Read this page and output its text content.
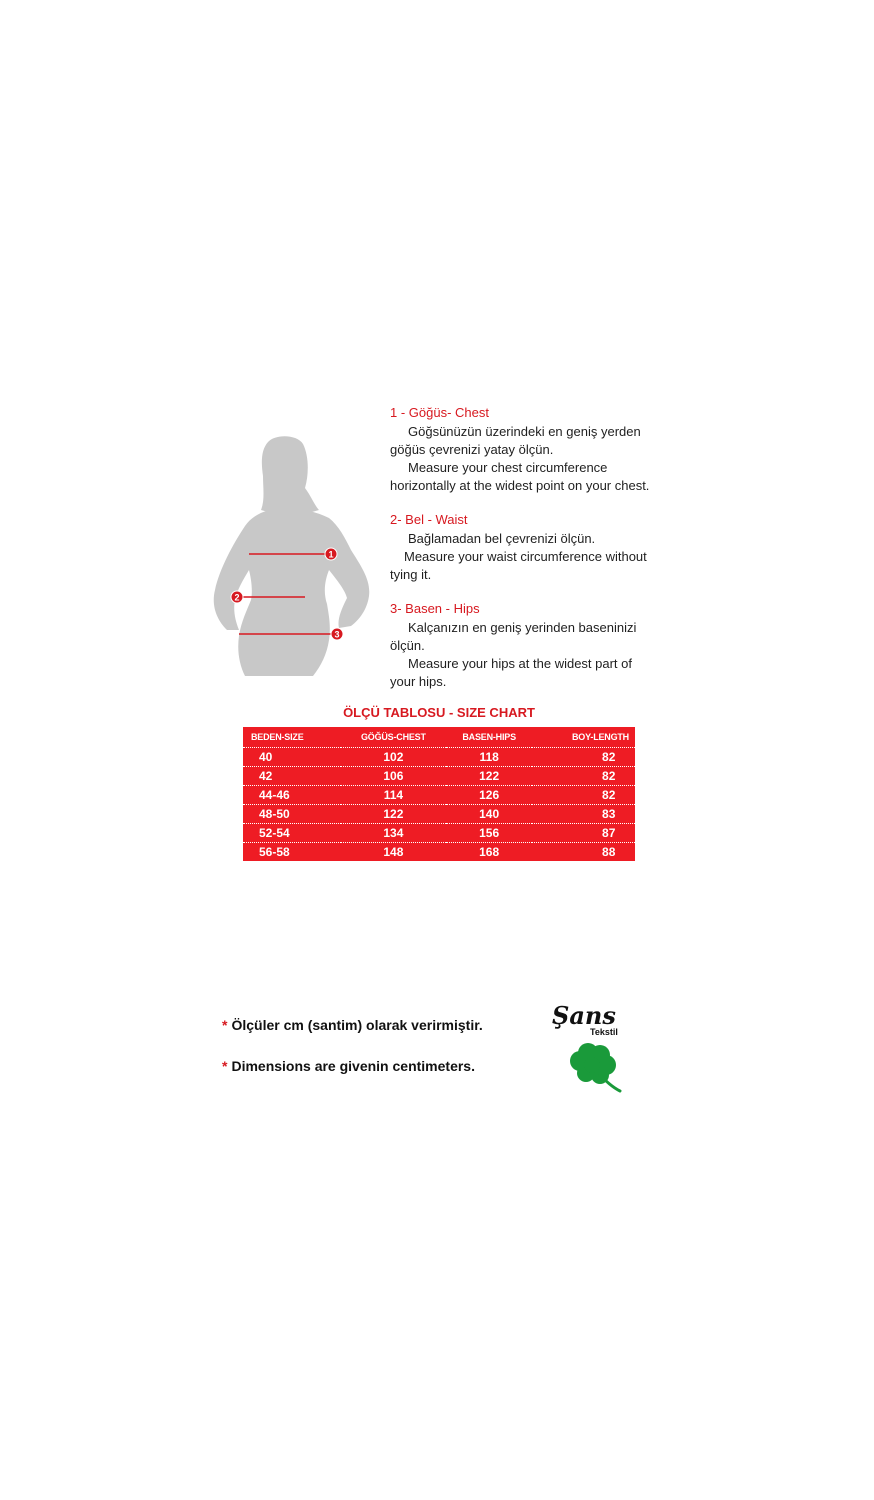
1
2
3
1 - Göğüs- Chest
Göğsünüzün üzerindeki en geniş yerden
göğüs çevrenizi yatay ölçün.
Measure your chest circumference
horizontally at the widest point on your chest.
2- Bel - Waist
Bağlamadan bel çevrenizi ölçün.
Measure your waist circumference without
tying it.
3- Basen - Hips
Kalçanızın en geniş yerinden baseninizi
ölçün.
Measure your hips at the widest part of
your hips.
ÖLÇÜ TABLOSU - SIZE CHART
BEDEN-SIZE	GÖĞÜS-CHEST	BASEN-HIPS	BOY-LENGTH
40	102	118	82
42	106	122	82
44-46	114	126	82
48-50	122	140	83
52-54	134	156	87
56-58	148	168	88
* Ölçüler cm (santim) olarak verirmiştir.
* Dimensions are givenin centimeters.
Şans
Tekstil
